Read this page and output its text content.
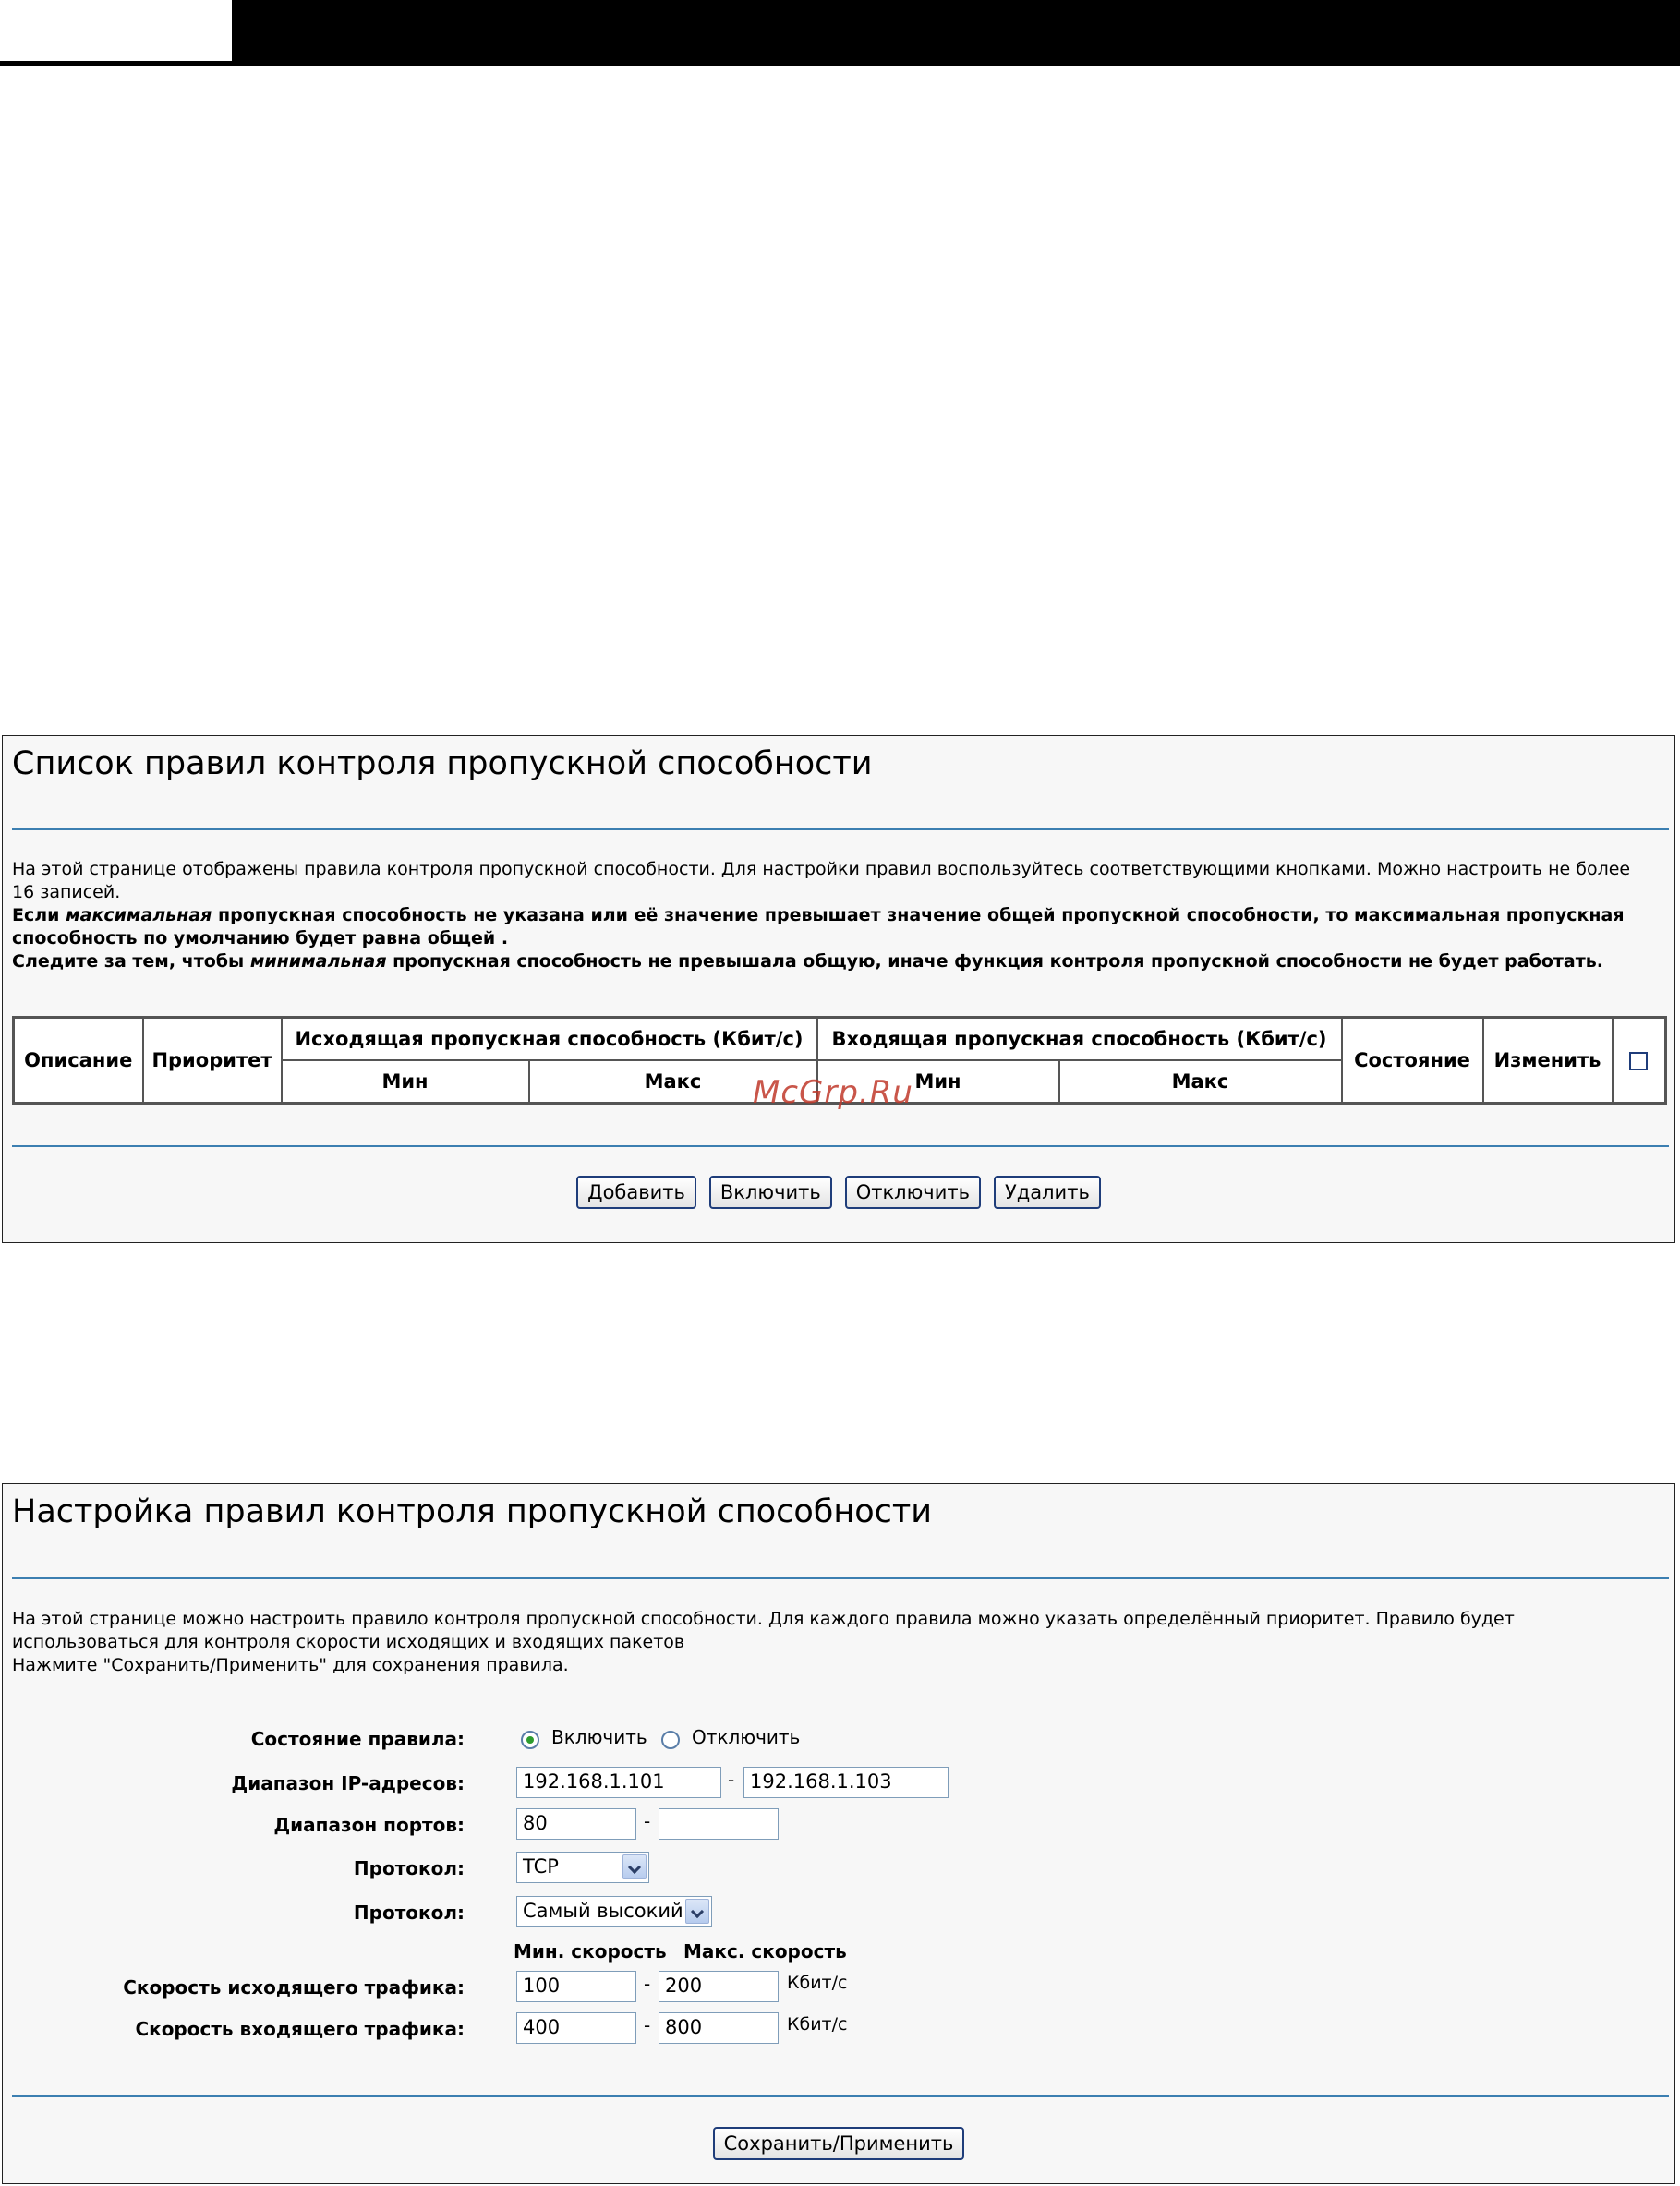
Список правил контроля пропускной способности

На этой странице отображены правила контроля пропускной способности. Для настройки правил воспользуйтесь соответствующими кнопками. Можно настроить не более 16 записей.

Если максимальная пропускная способность не указана или её значение превышает значение общей пропускной способности, то максимальная пропускная способность по умолчанию будет равна общей .

Следите за тем, чтобы минимальная пропускная способность не превышала общую, иначе функция контроля пропускной способности не будет работать.

Описание	Приоритет	Исходящая пропускная способность (Кбит/с)		Входящая пропускная способность (Кбит/с)		Состояние	Изменить	
		Мин	Макс	Мин	Макс			
Добавить Включить Отключить Удалить
McGrp.Ru
Настройка правил контроля пропускной способности

На этой странице можно настроить правило контроля пропускной способности. Для каждого правила можно указать определённый приоритет. Правило будет использоваться для контроля скорости исходящих и входящих пакетов

Нажмите "Сохранить/Применить" для сохранения правила.

Состояние правила:	Включить Отключить
Диапазон IP-адресов:	192.168.1.101	- 192.168.1.103
Диапазон портов:	80	-
Протокол:	TCP
Протокол:	Самый высокий
Мин. скорость Макс. скорость
Скорость исходящего трафика:	100	- 200	Кбит/с
Скорость входящего трафика:	400	- 800	Кбит/с
Сохранить/Применить
